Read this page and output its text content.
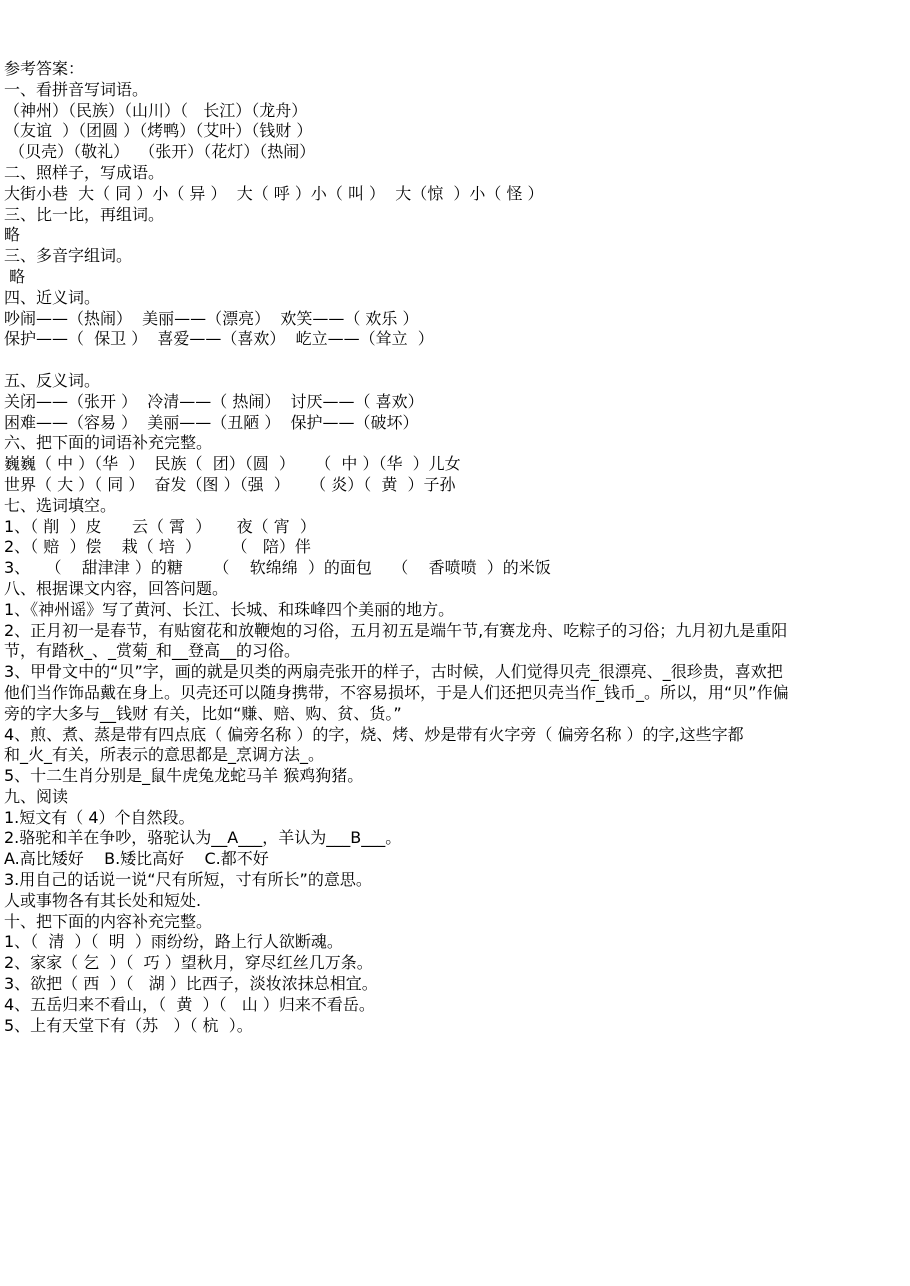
参考答案：
一、看拼音写词语。
（神州）（民族）（山川）（   长江）（龙舟）
（友谊  ）（团圆 ）（烤鸭）（艾叶）（钱财 ）
（贝壳）（敬礼）  （张开）（花灯）（热闹）
二、照样子，写成语。
大街小巷  大（ 同 ）小（ 异 ）  大（ 呼 ）小（ 叫 ）  大（惊  ）小（ 怪 ）
三、比一比，再组词。
略
三、多音字组词。
略
四、近义词。
吵闹——（热闹）  美丽——（漂亮）  欢笑——（ 欢乐 ）
保护——（  保卫 ）  喜爱——（喜欢）  屹立——（耸立  ）
五、反义词。
关闭——（张开 ）  冷清——（ 热闹）  讨厌——（ 喜欢）
困难——（容易 ）  美丽——（丑陋 ）  保护——（破坏）
六、把下面的词语补充完整。
巍巍（ 中 ）（华  ）  民族（  团）（圆  ）    （  中 ）（华  ）儿女
世界（ 大 ）（ 同 ）  奋发（图 ）（强  ）    （ 炎）（  黄  ）子孙
七、选词填空。
1、（ 削  ）皮      云（ 霄  ）     夜（ 宵  ）
2、（ 赔  ）偿    栽（ 培  ）      （   陪）伴
3、   （    甜津津 ）的糖      （    软绵绵  ）的面包    （    香喷喷  ）的米饭
八、根据课文内容，回答问题。
1、《神州谣》写了黄河、长江、长城、和珠峰四个美丽的地方。
2、正月初一是春节，有贴窗花和放鞭炮的习俗，五月初五是端午节,有赛龙舟、吃粽子的习俗；九月初九是重阳
节，有踏秋_、_赏菊_和__登高__的习俗。
3、甲骨文中的“贝”字，画的就是贝类的两扇壳张开的样子，古时候，人们觉得贝壳_很漂亮、_很珍贵，喜欢把
他们当作饰品戴在身上。贝壳还可以随身携带，不容易损坏，于是人们还把贝壳当作_钱币_。所以，用“贝”作偏
旁的字大多与__钱财 有关，比如“赚、赔、购、贫、货。”
4、煎、煮、蒸是带有四点底（ 偏旁名称 ）的字，烧、烤、炒是带有火字旁（ 偏旁名称 ）的字,这些字都
和_火_有关，所表示的意思都是_烹调方法_。
5、十二生肖分别是_鼠牛虎兔龙蛇马羊 猴鸡狗猪。
九、阅读
1.短文有（ 4）个自然段。
2.骆驼和羊在争吵，骆驼认为__A___，羊认为___B___。
A.高比矮好    B.矮比高好    C.都不好
3.用自己的话说一说“尺有所短，寸有所长”的意思。
人或事物各有其长处和短处.
十、把下面的内容补充完整。
1、（  清  ）（  明  ）雨纷纷，路上行人欲断魂。
2、家家（ 乞  ）（  巧 ）望秋月，穿尽红丝几万条。
3、欲把（ 西  ）（   湖 ）比西子，淡妆浓抹总相宜。
4、五岳归来不看山，（  黄  ）（   山 ）归来不看岳。
5、上有天堂下有（苏   ）（ 杭  ）。
